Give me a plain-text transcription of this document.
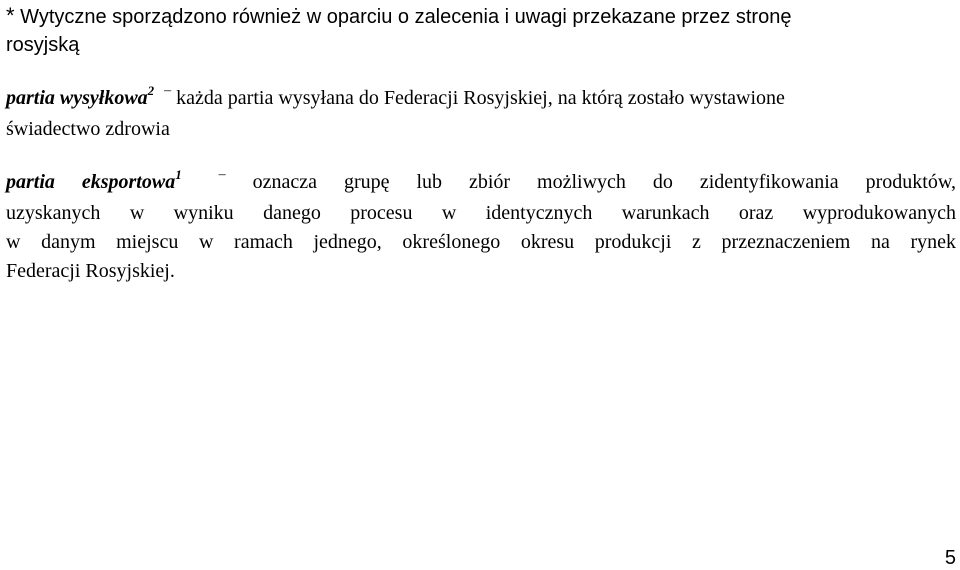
* Wytyczne sporządzono również w oparciu o zalecenia i uwagi przekazane przez stronę
rosyjską
partia wysyłkowa$^2$ – każda partia wysyłana do Federacji Rosyjskiej, na którą zostało wystawione
świadectwo zdrowia
partia eksportowa$^1$	– oznacza grupę lub zbiór możliwych do zidentyfikowania produktów,
uzyskanych w wyniku danego procesu w identycznych warunkach oraz wyprodukowanych
w danym miejscu w ramach jednego, określonego okresu produkcji z przeznaczeniem na rynek
Federacji Rosyjskiej.
5
